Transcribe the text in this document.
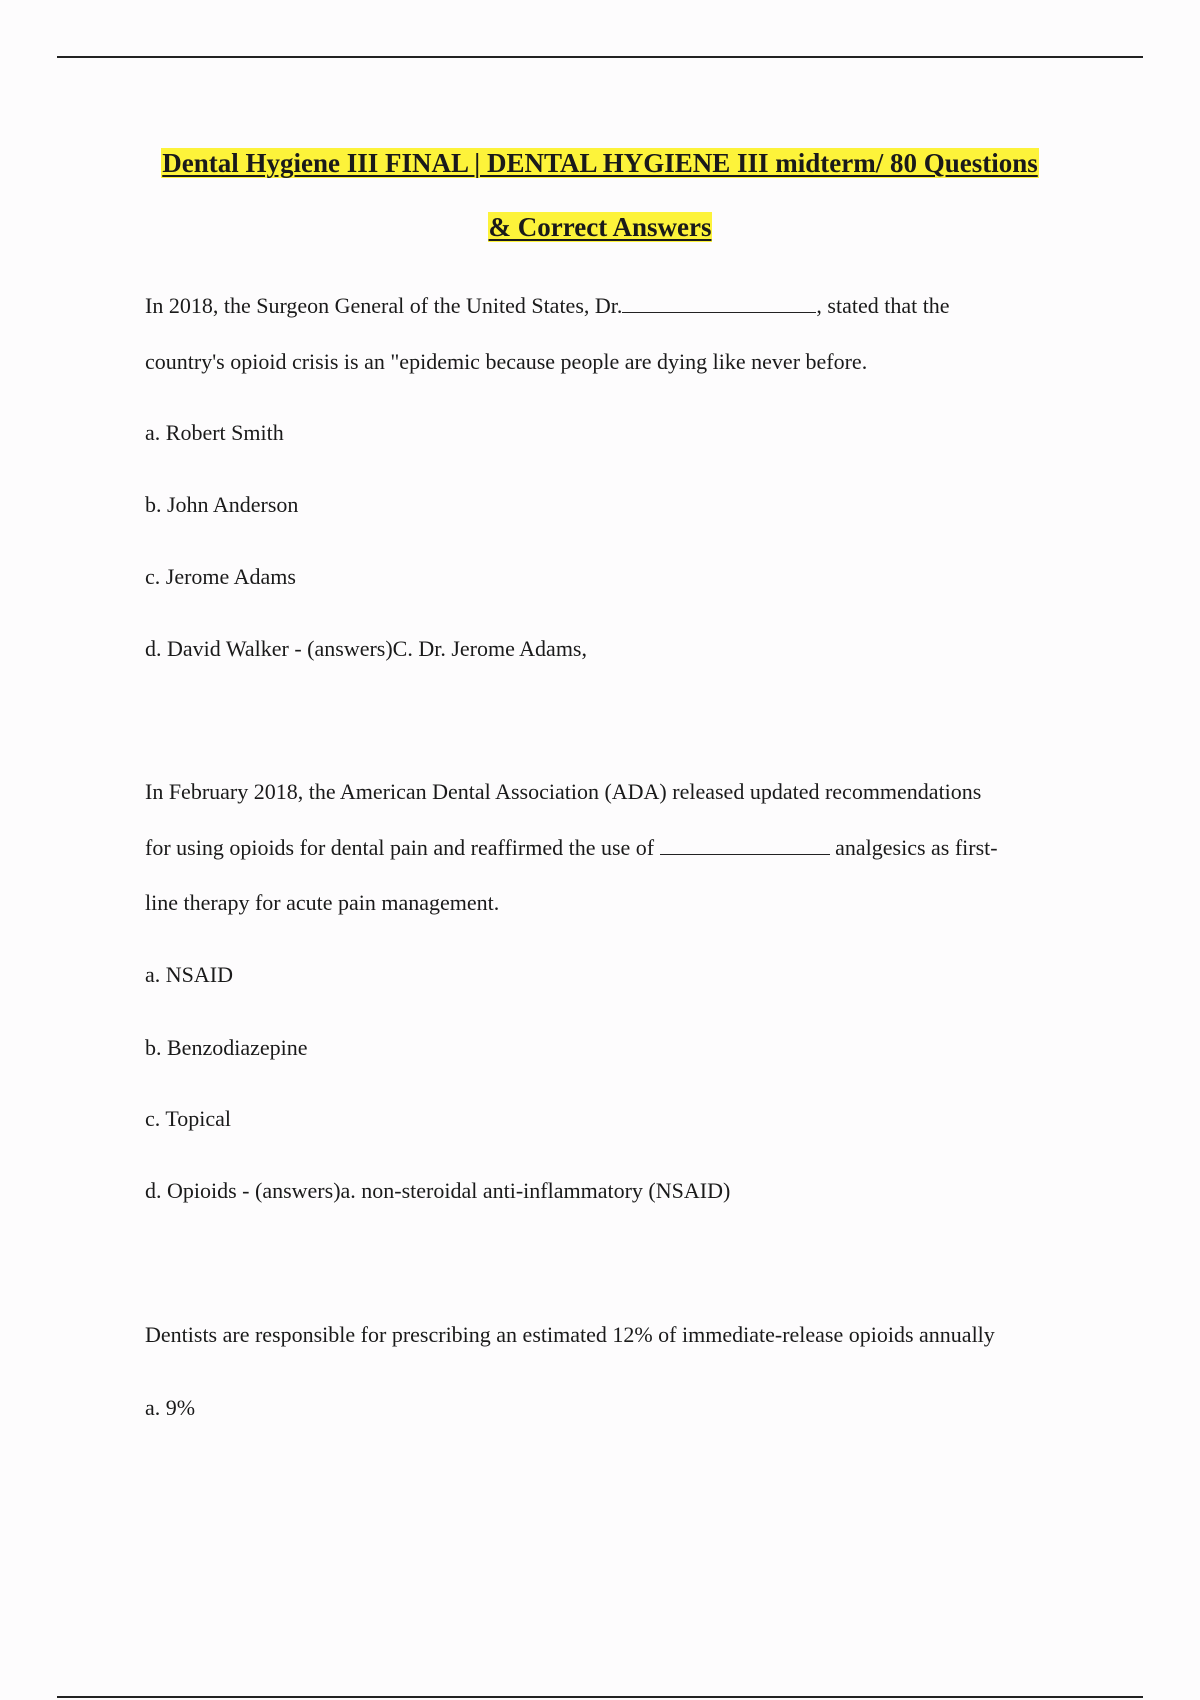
Dental Hygiene III FINAL | DENTAL HYGIENE III midterm/ 80 Questions
& Correct Answers
In 2018, the Surgeon General of the United States, Dr.	, stated that the
country's opioid crisis is an "epidemic because people are dying like never before.
a. Robert Smith
b. John Anderson
c. Jerome Adams
d. David Walker - (answers)C. Dr. Jerome Adams,
In February 2018, the American Dental Association (ADA) released updated recommendations
for using opioids for dental pain and reaffirmed the use of	analgesics as first-
line therapy for acute pain management.
a. NSAID
b. Benzodiazepine
c. Topical
d. Opioids - (answers)a. non-steroidal anti-inflammatory (NSAID)
Dentists are responsible for prescribing an estimated 12% of immediate-release opioids annually
a. 9%
